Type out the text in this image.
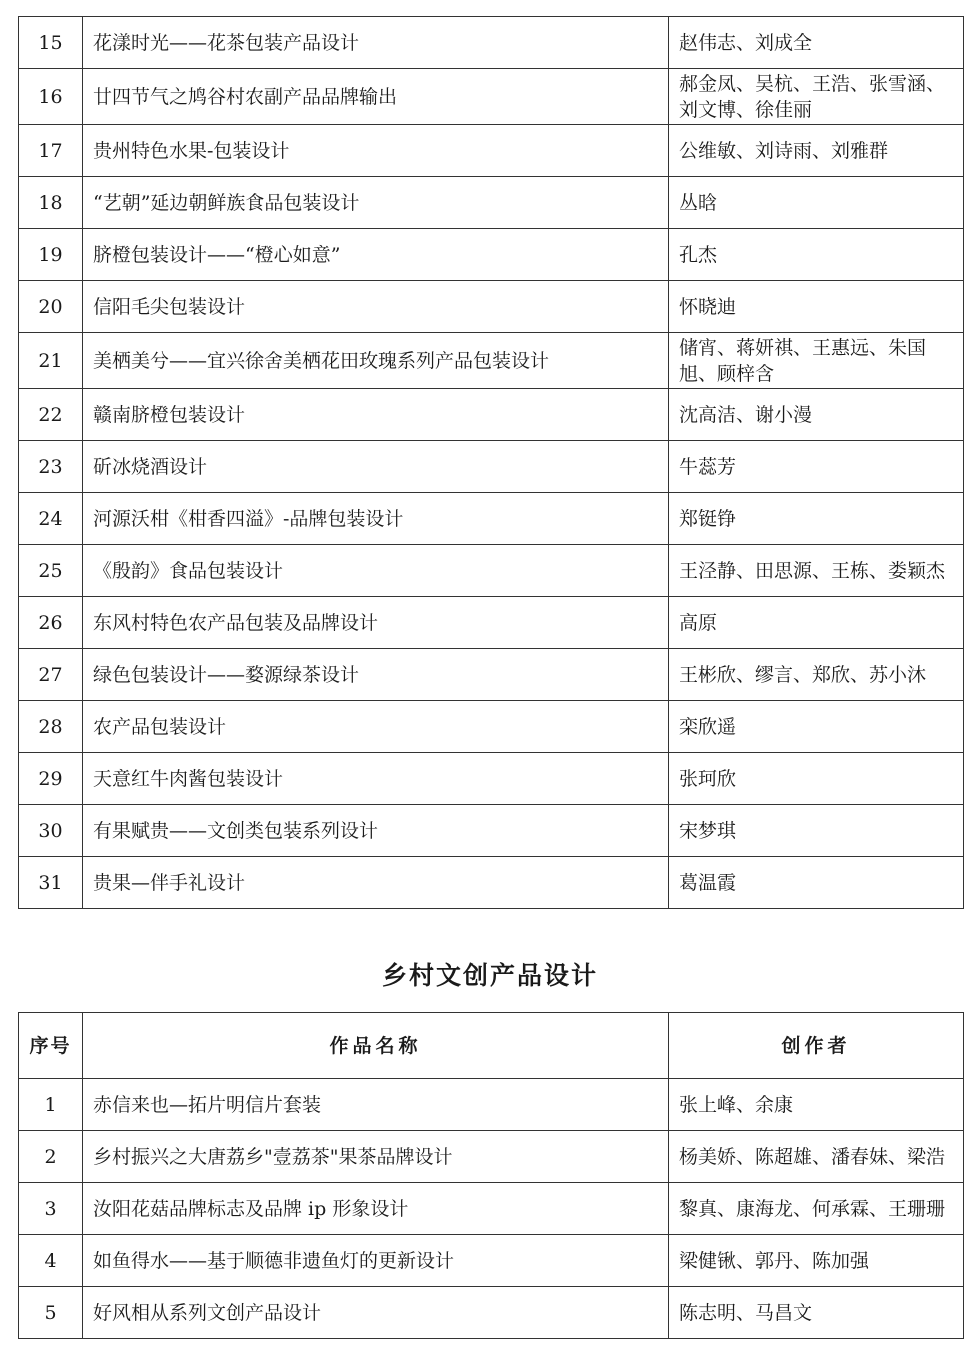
15	花漾时光——花茶包装产品设计	赵伟志、刘成全
16	廿四节气之鸠谷村农副产品品牌输出	郝金凤、吴杭、王浩、张雪涵、刘文博、徐佳丽
17	贵州特色水果-包装设计	公维敏、刘诗雨、刘雅群
18	“艺朝”延边朝鲜族食品包装设计	丛晗
19	脐橙包装设计——“橙心如意”	孔杰
20	信阳毛尖包装设计	怀晓迪
21	美栖美兮——宜兴徐舍美栖花田玫瑰系列产品包装设计	储宵、蒋妍祺、王惠远、朱国旭、顾梓含
22	赣南脐橙包装设计	沈高洁、谢小漫
23	斫冰烧酒设计	牛蕊芳
24	河源沃柑《柑香四溢》-品牌包装设计	郑铤铮
25	《殷韵》食品包装设计	王泾静、田思源、王栋、娄颖杰
26	东风村特色农产品包装及品牌设计	高原
27	绿色包装设计——婺源绿茶设计	王彬欣、缪言、郑欣、苏小沐
28	农产品包装设计	栾欣遥
29	天意红牛肉酱包装设计	张珂欣
30	有果赋贵——文创类包装系列设计	宋梦琪
31	贵果—伴手礼设计	葛温霞
乡村文创产品设计
序号	作品名称	创作者
1	赤信来也—拓片明信片套装	张上峰、余康
2	乡村振兴之大唐荔乡"壹荔茶"果茶品牌设计	杨美娇、陈超雄、潘春妹、梁浩
3	汝阳花菇品牌标志及品牌 ip 形象设计	黎真、康海龙、何承霖、王珊珊
4	如鱼得水——基于顺德非遗鱼灯的更新设计	梁健锹、郭丹、陈加强
5	好风相从系列文创产品设计	陈志明、马昌文
